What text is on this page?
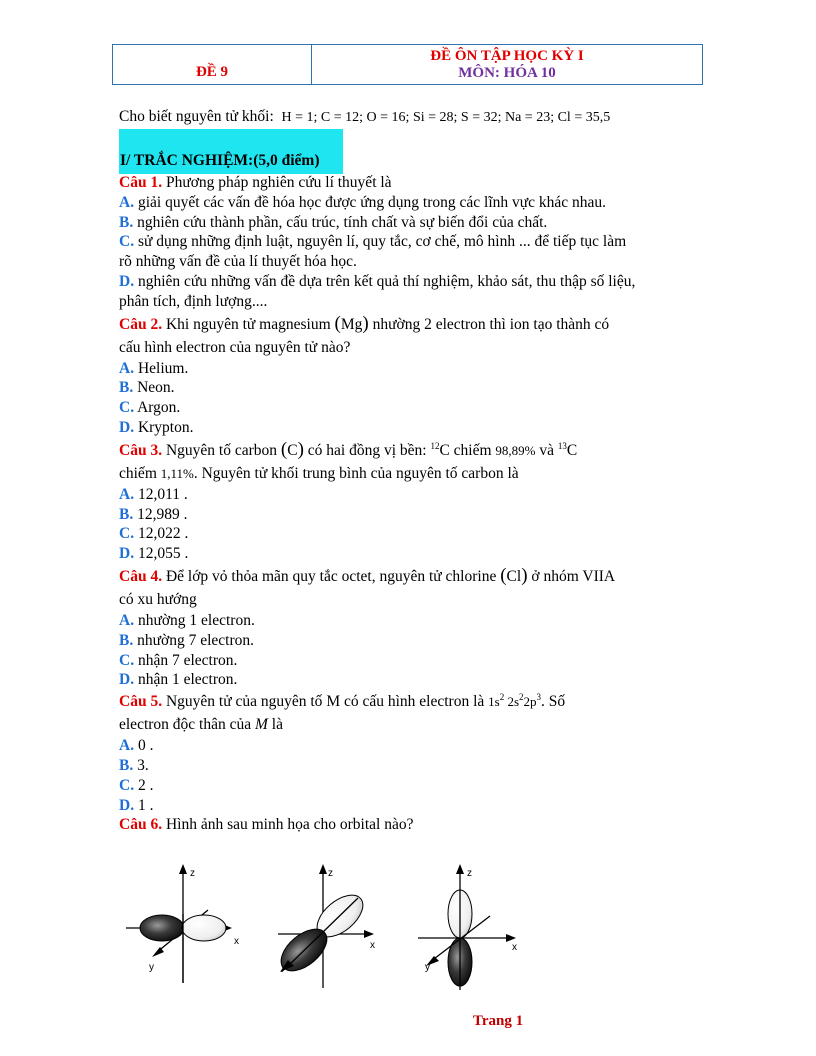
ĐỀ 9
ĐỀ ÔN TẬP HỌC KỲ I
MÔN: HÓA 10
Cho biết nguyên tử khối: H = 1; C = 12; O = 16; Si = 28; S = 32; Na = 23; Cl = 35,5
I/ TRẮC NGHIỆM:(5,0 điểm)

Câu 1. Phương pháp nghiên cứu lí thuyết là

A. giải quyết các vấn đề hóa học được ứng dụng trong các lĩnh vực khác nhau.

B. nghiên cứu thành phần, cấu trúc, tính chất và sự biến đổi của chất.

C. sử dụng những định luật, nguyên lí, quy tắc, cơ chế, mô hình ... để tiếp tục làm

rõ những vấn đề của lí thuyết hóa học.

D. nghiên cứu những vấn đề dựa trên kết quả thí nghiệm, khảo sát, thu thập số liệu,

phân tích, định lượng....

Câu 2. Khi nguyên tử magnesium (Mg) nhường 2 electron thì ion tạo thành có

cấu hình electron của nguyên tử nào?

A. Helium.

B. Neon.

C. Argon.

D. Krypton.

Câu 3. Nguyên tố carbon (C) có hai đồng vị bền: $^{12}$C chiếm 98,89% và $^{13}$C

chiếm 1,11%. Nguyên tử khối trung bình của nguyên tố carbon là

A. 12,011 .

B. 12,989 .

C. 12,022 .

D. 12,055 .

Câu 4. Để lớp vỏ thỏa mãn quy tắc octet, nguyên tử chlorine (Cl) ở nhóm VIIA

có xu hướng

A. nhường 1 electron.

B. nhường 7 electron.

C. nhận 7 electron.

D. nhận 1 electron.

Câu 5. Nguyên tử của nguyên tố M có cấu hình electron là $1s^2$ $2s^22p^3$. Số

electron độc thân của M là

A. 0 .

B. 3.

C. 2 .

D. 1 .

Câu 6. Hình ảnh sau minh họa cho orbital nào?

z
x
y
z
x
y
z
x
y
Trang 1
